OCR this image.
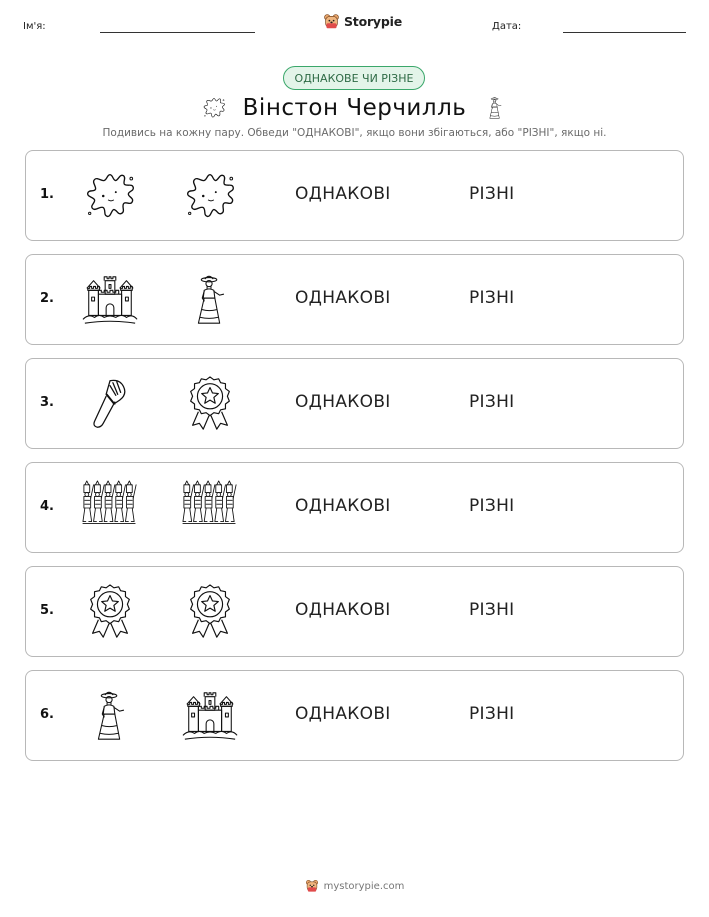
Ім'я:	Storypie	Дата:
ОДНАКОВЕ ЧИ РІЗНЕ
Вінстон Черчилль
Подивись на кожну пару. Обведи "ОДНАКОВІ", якщо вони збігаються, або "РІЗНІ", якщо ні.
1.	ОДНАКОВІ	РІЗНІ
2.	ОДНАКОВІ	РІЗНІ
3.	ОДНАКОВІ	РІЗНІ
4.	ОДНАКОВІ	РІЗНІ
5.	ОДНАКОВІ	РІЗНІ
6.	ОДНАКОВІ	РІЗНІ
mystorypie.com
